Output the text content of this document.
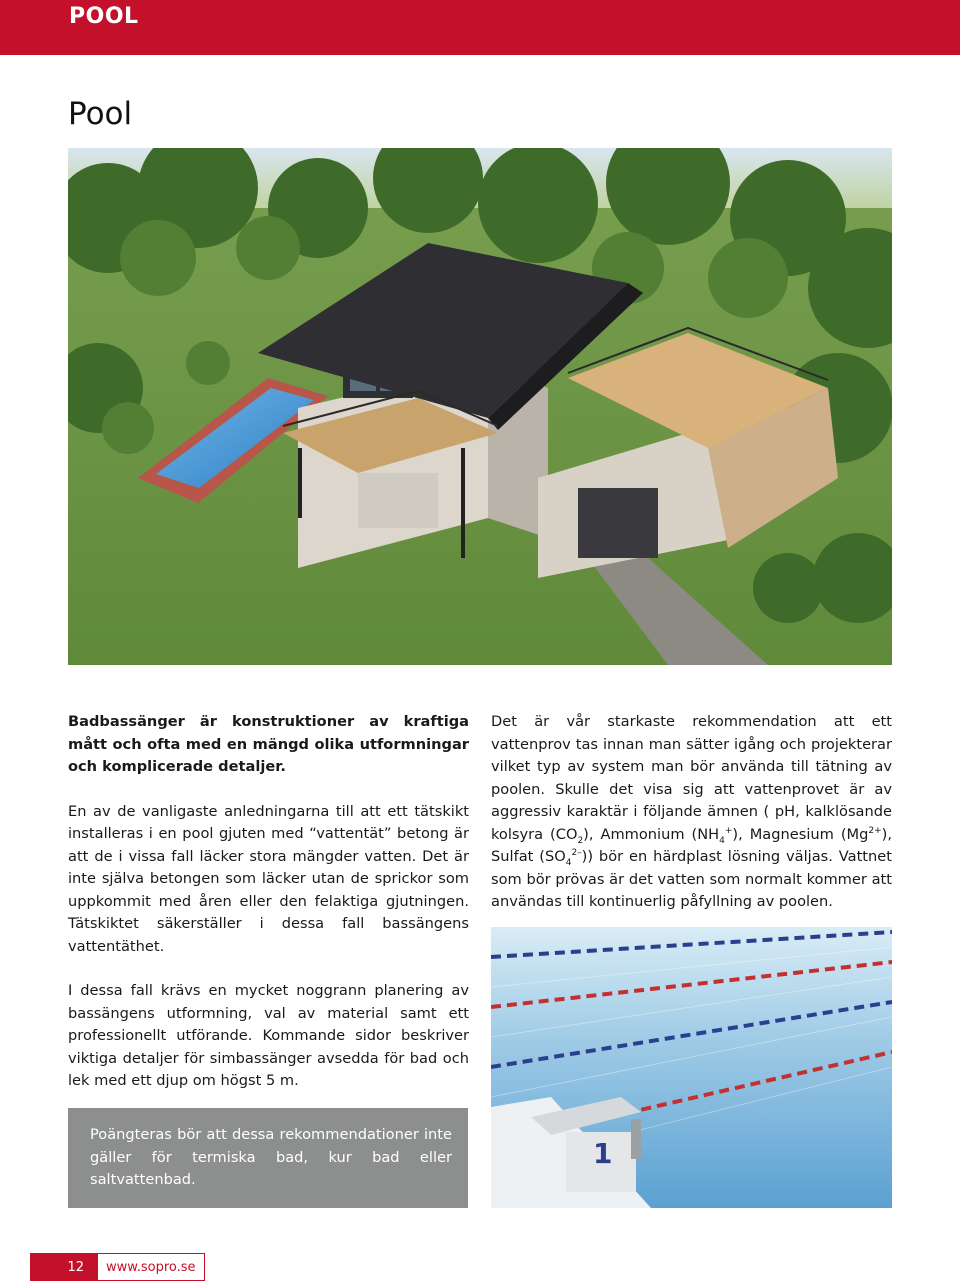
POOL
Pool

Badbassänger är konstruktioner av kraftiga mått och ofta med en mängd olika utformningar och komplicerade detaljer.

En av de vanligaste anledningarna till att ett tätskikt installeras i en pool gjuten med “vattentät” betong är att de i vissa fall läcker stora mängder vatten. Det är inte själva betongen som läcker utan de sprickor som uppkommit med åren eller den felaktiga gjutningen. Tätskiktet säkerställer i dessa fall bassängens vattentäthet.

I dessa fall krävs en mycket noggrann planering av bassängens utformning, val av material samt ett professionellt utförande. Kommande sidor beskriver viktiga detaljer för simbassänger avsedda för bad och lek med ett djup om högst 5 m.

Poängteras bör att dessa rekommendationer inte gäller för termiska bad, kur bad eller saltvattenbad.

Det är vår starkaste rekommendation att ett vattenprov tas innan man sätter igång och projekterar vilket typ av system man bör använda till tätning av poolen. Skulle det visa sig att vattenprovet är av aggressiv karaktär i följande ämnen ( pH, kalklösande kolsyra $(CO_2)$, Ammonium $(NH_4^+)$, Magnesium $(Mg^{2+})$, Sulfat $(SO_4^{2-})$) bör en härdplast lösning väljas. Vattnet som bör prövas är det vatten som normalt kommer att användas till kontinuerlig påfyllning av poolen.

1
12	www.sopro.se
